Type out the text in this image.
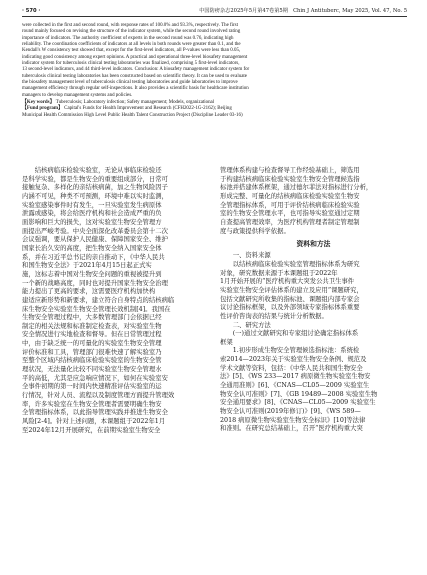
· 570 ·	中国防痨杂志2025年5月第47卷第5期　Chin J Antituberc, May 2025, Vol. 47, No. 5
were collected in the first and second round, with response rates of 100.0% and 93.3%, respectively. The first
round mainly focused on revising the structure of the indicator system, while the second round involved rating
importance of indicators. The authority coefficient of experts in the second round was 0.76, indicating high
reliability. The coordination coefficients of indicators at all levels in both rounds were greater than 0.1, and the
Kendall's W consistency test showed that, except for the first-level indicators, all P-values were less than 0.05,
indicating good consistency among expert opinions. A practical and operational three-level biosafety management
indicator system for tuberculosis clinical testing laboratories was finalized, comprising 5 first-level indicators,
13 second-level indicators, and 44 third-level indicators. Conclusion: A biosafety management indicator system for
tuberculosis clinical testing laboratories has been constructed based on scientific theory. It can be used to evaluate
the biosafety management level of tuberculosis clinical testing laboratories and guide laboratories to improve
management efficiency through regular self-inspections. It also provides a scientific basis for healthcare institution
managers to develop management systems and policies.

【Key words】 Tuberculosis; Laboratory infection; Safety management; Models, organizational

【Fund program】 Capital's Funds for Health Improvement and Research (CFH2022-1G-2162); Beijing
Municipal Health Commission High Level Public Health Talent Construction Project (Discipline Leader 03-16)

结核病临床检验实验室，无论从事临床检验还
是科学实验，都是生物安全的重要组成部分，日常可
接触复杂、多样化的亲结核病菌，加之生物风险因子
内涵不可见，种类不可预测，环境中难以实时监测，
实验室感染事件时有发生，一旦实验室发生病原体
泄露或感染，将会给医疗机构和社会造成严重的负
面影响和巨大的损失，这对实验室生物安全管理方
面提出严峻考验。中央全面深化改革委员会第十二次
会议强调，要从保护人民健康、保障国家安全、维护
国家长治久安的高度，把生物安全纳入国家安全体
系，并在习近平总书记的亲自推动下，《中华人民共
和国生物安全法》于2021年4月15日起正式实
施，这标志着中国对生物安全问题的重视被提升到
一个新的战略高度，同时也对提升国家生物安全治理
能力提出了更高的要求，这需要医疗机构加快构
建适应新形势和新要求，建立符合自身特点的结核病临
床生物安全实验室生物安全管理长效机制[4]。我国在
生物安全管理过程中，大多数管理部门会依据已经
制定的相关法规和标准制定检查表，对实验室生物
安全情况进行实地检查和督导。但在日常管理过程
中，由于缺乏统一的可量化的实验室生物安全管理
评价标准和工具，管理部门很难快速了解实验室乃
至整个区域内结核病临床检验实验室的生物安全管
理状况，无法量化比较不同实验室生物安全管理水
平的高低，尤其是应急响应情况下，如何在实验室安
全事件初期的第一时间内快速精准评估实验室的运
行情况，针对人员、流程以及制度管理方面提升管理效
率，许多实验室在生物安全管理者需要明确生物安
全管理指标体系，以此指导管理实践并推进生物安全
风险[2-4]。针对上述问题，本课题组于2022年1月
至2024年12月开展研究，在前期实验室生物安全

管理体系构建与检查督导工作经验基础上，筛选用
于构建结核病临床检验实验室生物安全管理候选指
标池并搭建体系框架，通过德尔菲法对指标进行分析，
形成完整、可量化的结核病临床检验实验室生物安
全管理指标体系，可用于评价结核病临床检验实验
室的生物安全管理水平，也可指导实验室通过定期
自查提高管理效率，为医疗机构管理者制定管理制
度与政策提供科学依据。

资料和方法

一、资料来源

以结核病临床检验实验室管理指标体系为研究
对象，研究数据来源于本课题组于2022年
1月开始开展的“医疗机构重大突发公共卫生事件
实验室生物安全评估体系的建立及应用”课题研究，
包括文献研究所收集的指标池、课题组内部专家会
议讨论指标框架，以及外部领域专家指标体系重要
性评价咨询表的结果与统计分析数据。

二、研究方法

(一)通过文献研究和专家组讨论确定指标体系

框架

1.初步形成生物安全管理候选指标池：系统检
索2014—2023年关于实验室生物安全条例、规范及
学术文献等资料，包括：《中华人民共和国生物安全
法》[5]、《WS 233—2017 病原微生物实验室生物安
全通用准则》[6]、《CNAS—CL05—2009 实验室生
物安全认可准则》[7]、《GB 19489—2008 实验室生物
安全通用要求》[8]、《CNAS—CL05—2009 实验室生
物安全认可准则(2019年修订)》[9]、《WS 589—
2018 病原微生物实验室生物安全标识》[10]等法律
和准则。在研究总结基础上，召开“医疗机构重大突
